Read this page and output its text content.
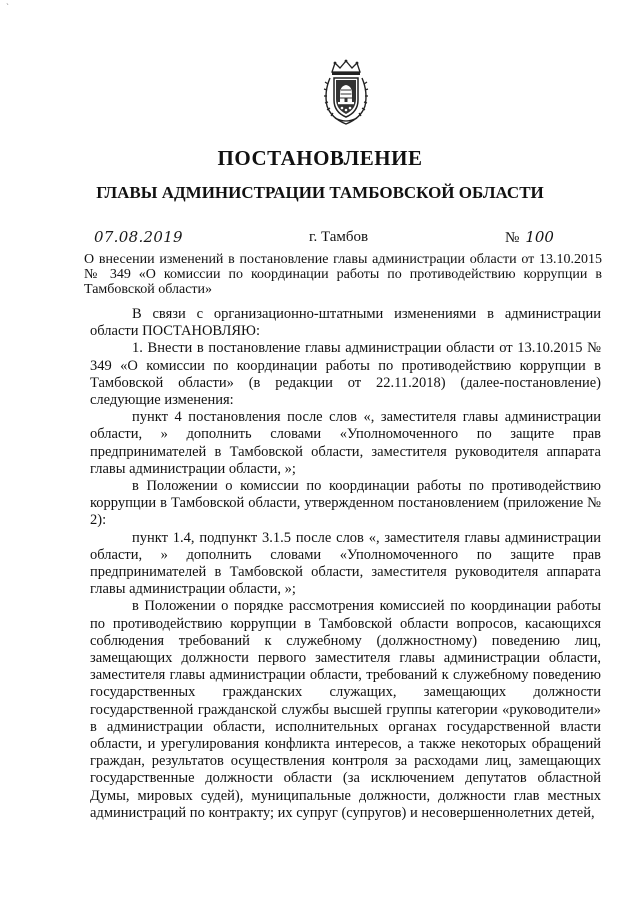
`
ПОСТАНОВЛЕНИЕ
ГЛАВЫ АДМИНИСТРАЦИИ ТАМБОВСКОЙ ОБЛАСТИ
07.08.2019	г. Тамбов	№ 100
О внесении изменений в постановление главы администрации области от 13.10.2015 № 349 «О комиссии по координации работы по противодействию коррупции в Тамбовской области»

В связи с организационно-штатными изменениями в администрации области ПОСТАНОВЛЯЮ:

1. Внести в постановление главы администрации области от 13.10.2015 № 349 «О комиссии по координации работы по противодействию коррупции в Тамбовской области» (в редакции от 22.11.2018) (далее-постановление) следующие изменения:

пункт 4 постановления после слов «, заместителя главы администрации области, » дополнить словами «Уполномоченного по защите прав предпринимателей в Тамбовской области, заместителя руководителя аппарата главы администрации области, »;

в Положении о комиссии по координации работы по противодействию коррупции в Тамбовской области, утвержденном постановлением (приложение № 2):

пункт 1.4, подпункт 3.1.5 после слов «, заместителя главы администрации области, » дополнить словами «Уполномоченного по защите прав предпринимателей в Тамбовской области, заместителя руководителя аппарата главы администрации области, »;

в Положении о порядке рассмотрения комиссией по координации работы по противодействию коррупции в Тамбовской области вопросов, касающихся соблюдения требований к служебному (должностному) поведению лиц, замещающих должности первого заместителя главы администрации области, заместителя главы администрации области, требований к служебному поведению государственных гражданских служащих, замещающих должности государственной гражданской службы высшей группы категории «руководители» в администрации области, исполнительных органах государственной власти области, и урегулирования конфликта интересов, а также некоторых обращений граждан, результатов осуществления контроля за расходами лиц, замещающих государственные должности области (за исключением депутатов областной Думы, мировых судей), муниципальные должности, должности глав местных администраций по контракту; их супруг (супругов) и несовершеннолетних детей,
